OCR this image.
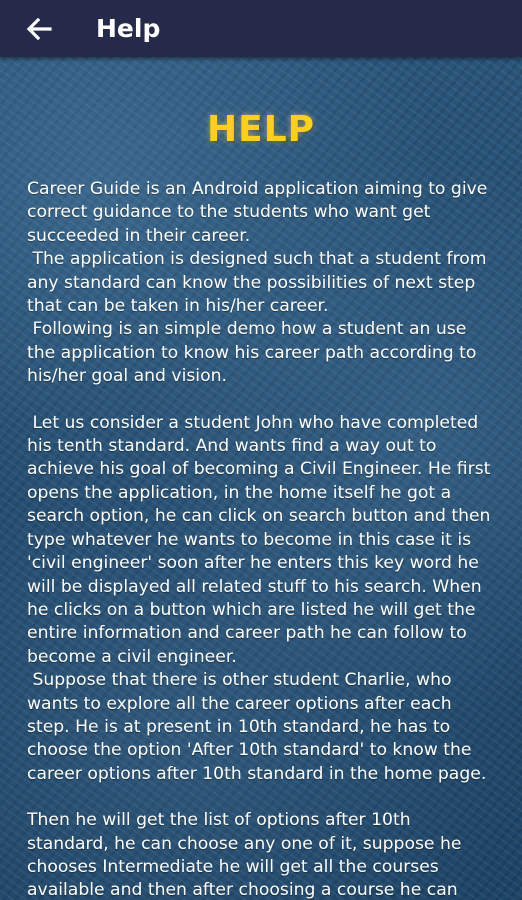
Help
HELP

Career Guide is an Android application aiming to give correct guidance to the students who want get succeeded in their career.
The application is designed such that a student from any standard can know the possibilities of next step that can be taken in his/her career.
Following is an simple demo how a student an use the application to know his career path according to his/her goal and vision.

Let us consider a student John who have completed his tenth standard. And wants find a way out to achieve his goal of becoming a Civil Engineer. He first opens the application, in the home itself he got a search option, he can click on search button and then type whatever he wants to become in this case it is 'civil engineer' soon after he enters this key word he will be displayed all related stuff to his search. When he clicks on a button which are listed he will get the entire information and career path he can follow to become a civil engineer.
Suppose that there is other student Charlie, who wants to explore all the career options after each step. He is at present in 10th standard, he has to choose the option 'After 10th standard' to know the career options after 10th standard in the home page.

Then he will get the list of options after 10th standard, he can choose any one of it, suppose he chooses Intermediate he will get all the courses available and then after choosing a course he can
